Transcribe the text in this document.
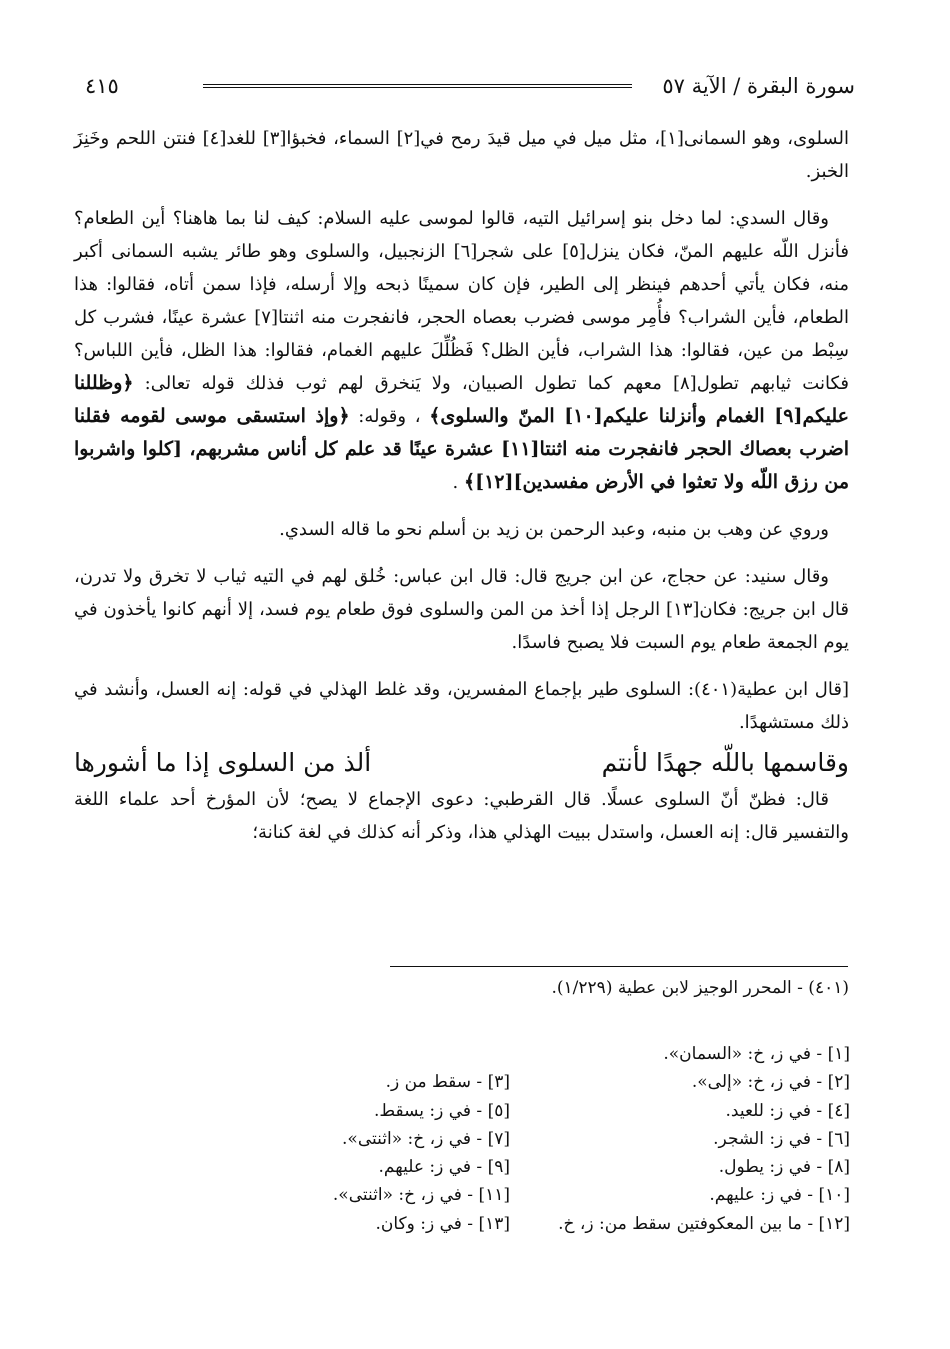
٤١٥	سورة البقرة / الآية ٥٧

السلوى، وهو السمانى[١]، مثل ميل في ميل قيدَ رمح في[٢] السماء، فخبؤا[٣] للغد[٤] فنتن اللحم وخَنِزَ الخبز.

وقال السدي: لما دخل بنو إسرائيل التيه، قالوا لموسى عليه السلام: كيف لنا بما هاهنا؟ أين الطعام؟ فأنزل اللّه عليهم المنّ، فكان ينزل[٥] على شجر[٦] الزنجبيل، والسلوى وهو طائر يشبه السمانى أكبر منه، فكان يأتي أحدهم فينظر إلى الطير، فإن كان سمينًا ذبحه وإلا أرسله، فإذا سمن أتاه، فقالوا: هذا الطعام، فأين الشراب؟ فأُمِر موسى فضرب بعصاه الحجر، فانفجرت منه اثنتا[٧] عشرة عينًا، فشرب كل سِبْط من عين، فقالوا: هذا الشراب، فأين الظل؟ فَظُلِّلَ عليهم الغمام، فقالوا: هذا الظل، فأين اللباس؟ فكانت ثيابهم تطول[٨] معهم كما تطول الصبيان، ولا يَنخرق لهم ثوب فذلك قوله تعالى: ﴿وظللنا عليكم[٩] الغمام وأنزلنا عليكم[١٠] المنّ والسلوى﴾ ، وقوله: ﴿وإذ استسقى موسى لقومه فقلنا اضرب بعصاك الحجر فانفجرت منه اثنتا[١١] عشرة عينًا قد علم كل أناس مشربهم، [كلوا واشربوا من رزق اللّه ولا تعثوا في الأرض مفسدين][١٢]﴾ .

وروي عن وهب بن منبه، وعبد الرحمن بن زيد بن أسلم نحو ما قاله السدي.

وقال سنيد: عن حجاج، عن ابن جريج قال: قال ابن عباس: خُلق لهم في التيه ثياب لا تخرق ولا تدرن، قال ابن جريج: فكان[١٣] الرجل إذا أخذ من المن والسلوى فوق طعام يوم فسد، إلا أنهم كانوا يأخذون في يوم الجمعة طعام يوم السبت فلا يصبح فاسدًا.

[قال ابن عطية(٤٠١): السلوى طير بإجماع المفسرين، وقد غلط الهذلي في قوله: إنه العسل، وأنشد في ذلك مستشهدًا.

وقاسمها باللّه جهدًا لأنتم
ألذ من السلوى إذا ما أشورها

قال: فظنّ أنّ السلوى عسلًا. قال القرطبي: دعوى الإجماع لا يصح؛ لأن المؤرخ أحد علماء اللغة والتفسير قال: إنه العسل، واستدل ببيت الهذلي هذا، وذكر أنه كذلك في لغة كنانة؛

(٤٠١) - المحرر الوجيز لابن عطية (١/٢٢٩).
[١] - في ز، خ: «السمان».
[٢] - في ز، خ: «إلى».
[٣] - سقط من ز.
[٤] - في ز: للعيد.
[٥] - في ز: يسقط.
[٦] - في ز: الشجر.
[٧] - في ز، خ: «اثنتى».
[٨] - في ز: يطول.
[٩] - في ز: عليهم.
[١٠] - في ز: عليهم.
[١١] - في ز، خ: «اثنتى».
[١٢] - ما بين المعكوفتين سقط من: ز، خ.
[١٣] - في ز: وكان.
